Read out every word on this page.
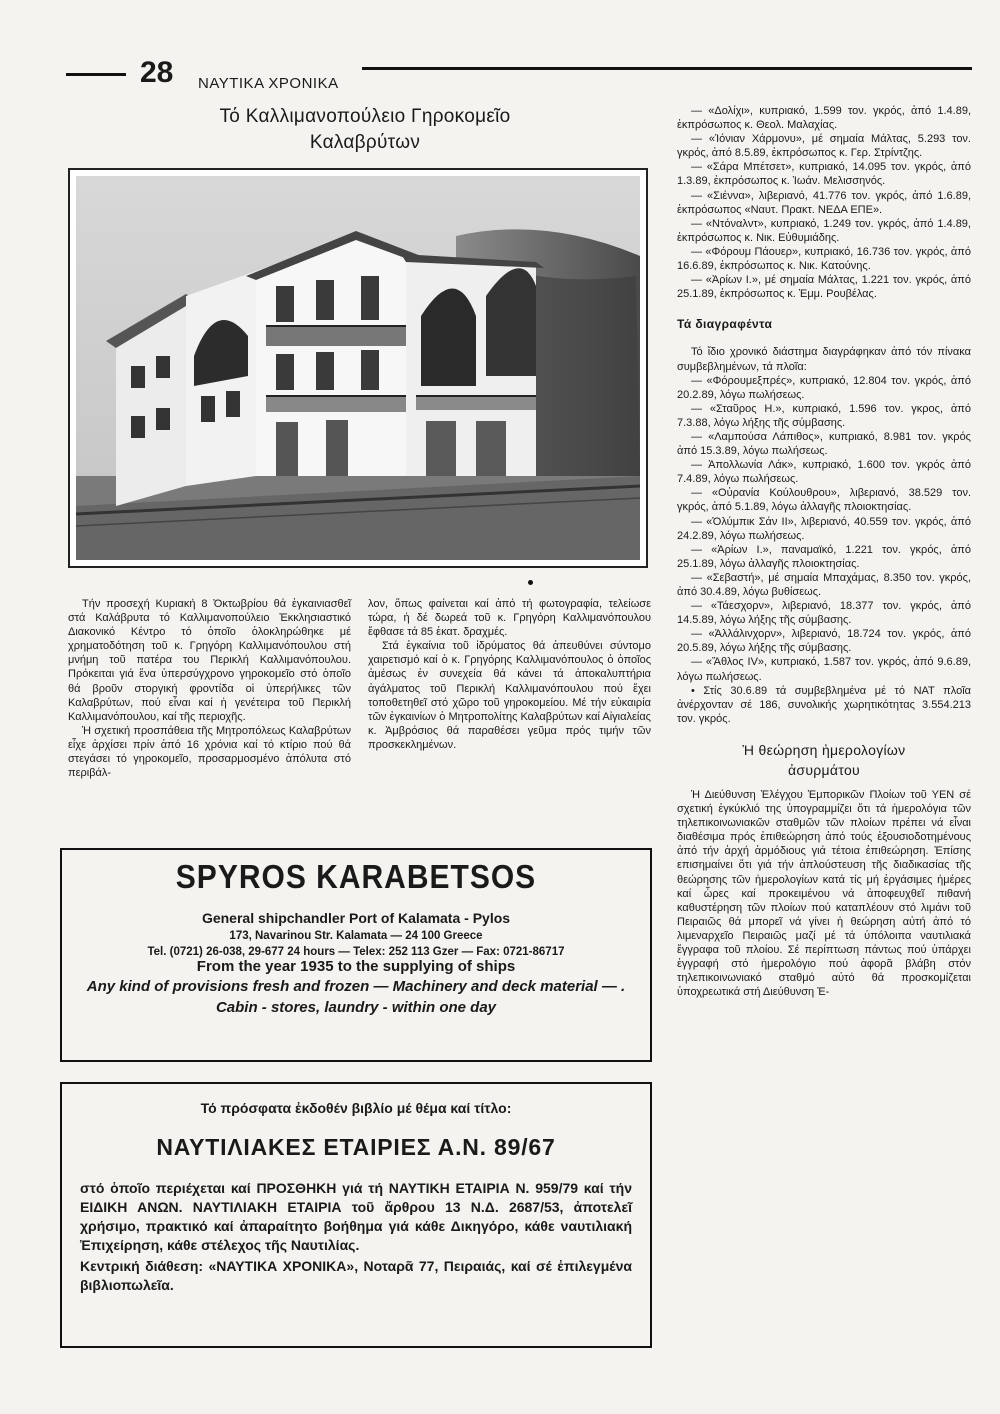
28 ΝΑΥΤΙΚΑ ΧΡΟΝΙΚΑ
Τό Καλλιμανοπούλειο Γηροκομεῖο
Καλαβρύτων

Τήν προσεχή Κυριακή 8 Ὀκτωβρίου θά ἐγκαινιασθεῖ στά Καλάβρυτα τό Καλλιμανοπούλειο Ἐκκλησιαστικό Διακονικό Κέντρο τό ὁποῖο ὁλοκληρώθηκε μέ χρηματοδότηση τοῦ κ. Γρηγόρη Καλλιμανόπουλου στή μνήμη τοῦ πατέρα του Περικλή Καλλιμανόπουλου. Πρόκειται γιά ἕνα ὑπερσύγχρονο γηροκομεῖο στό ὁποῖο θά βροῦν στοργική φροντίδα οἱ ὑπερήλικες τῶν Καλαβρύτων, πού εἶναι καί ἡ γενέτειρα τοῦ Περικλή Καλλιμανόπουλου, καί τῆς περιοχῆς.

Ἡ σχετική προσπάθεια τῆς Μητροπόλεως Καλαβρύτων εἶχε ἀρχίσει πρίν ἀπό 16 χρόνια καί τό κτίριο πού θά στεγάσει τό γηροκομεῖο, προσαρμοσμένο ἀπόλυτα στό περιβάλ-

λον, ὅπως φαίνεται καί ἀπό τή φωτογραφία, τελείωσε τώρα, ἡ δέ δωρεά τοῦ κ. Γρηγόρη Καλλιμανόπουλου ἔφθασε τά 85 ἑκατ. δραχμές.

Στά ἐγκαίνια τοῦ ἱδρύματος θά ἀπευθύνει σύντομο χαιρετισμό καί ὁ κ. Γρηγόρης Καλλιμανόπουλος ὁ ὁποῖος ἀμέσως ἐν συνεχεία θά κάνει τά ἀποκαλυπτήρια ἀγάλματος τοῦ Περικλή Καλλιμανόπουλου πού ἔχει τοποθετηθεῖ στό χῶρο τοῦ γηροκομείου. Μέ τήν εὐκαιρία τῶν ἐγκαινίων ὁ Μητροπολίτης Καλαβρύτων καί Αἰγιαλείας κ. Ἀμβρόσιος θά παραθέσει γεῦμα πρός τιμήν τῶν προσκεκλημένων.

— «Δολίχι», κυπριακό, 1.599 τον. γκρός, ἀπό 1.4.89, ἐκπρόσωπος κ. Θεολ. Μαλαχίας.

— «Ἰόνιαν Χάρμονυ», μέ σημαία Μάλτας, 5.293 τον. γκρός, ἀπό 8.5.89, ἐκπρόσωπος κ. Γερ. Στρίντζης.

— «Σάρα Μπέτσετ», κυπριακό, 14.095 τον. γκρός, ἀπό 1.3.89, ἐκπρόσωπος κ. Ἰωάν. Μελισσηνός.

— «Σιέννα», λιβεριανό, 41.776 τον. γκρός, ἀπό 1.6.89, ἐκπρόσωπος «Ναυτ. Πρακτ. ΝΕΔΑ ΕΠΕ».

— «Ντόναλντ», κυπριακό, 1.249 τον. γκρός, ἀπό 1.4.89, ἐκπρόσωπος κ. Νικ. Εὐθυμιάδης.

— «Φόρουμ Πάουερ», κυπριακό, 16.736 τον. γκρός, ἀπό 16.6.89, ἐκπρόσωπος κ. Νικ. Κατούνης.

— «Ἀρίων Ι.», μέ σημαία Μάλτας, 1.221 τον. γκρός, ἀπό 25.1.89, ἐκπρόσωπος κ. Ἐμμ. Ρουβέλας.

Τά διαγραφέντα

Τό ἴδιο χρονικό διάστημα διαγράφηκαν ἀπό τόν πίνακα συμβεβλημένων, τά πλοῖα:

— «Φόρουμεξπρές», κυπριακό, 12.804 τον. γκρός, ἀπό 20.2.89, λόγω πωλήσεως.

— «Σταῦρος Η.», κυπριακό, 1.596 τον. γκρος, ἀπό 7.3.88, λόγω λήξης τῆς σύμβασης.

— «Λαμπούσα Λάπιθος», κυπριακό, 8.981 τον. γκρός ἀπό 15.3.89, λόγω πωλήσεως.

— Ἀπολλωνία Λάκ», κυπριακό, 1.600 τον. γκρός ἀπό 7.4.89, λόγω πωλήσεως.

— «Οὐρανία Κούλουθρου», λιβεριανό, 38.529 τον. γκρός, ἀπό 5.1.89, λόγω ἀλλαγῆς πλοιοκτησίας.

— «Ὀλύμπικ Σάν ΙΙ», λιβεριανό, 40.559 τον. γκρός, ἀπό 24.2.89, λόγω πωλήσεως.

— «Ἀρίων Ι.», παναμαϊκό, 1.221 τον. γκρός, ἀπό 25.1.89, λόγω ἀλλαγῆς πλοιοκτησίας.

— «Σεβαστή», μέ σημαία Μπαχάμας, 8.350 τον. γκρός, ἀπό 30.4.89, λόγω βυθίσεως.

— «Τάεσχορν», λιβεριανό, 18.377 τον. γκρός, ἀπό 14.5.89, λόγω λήξης τῆς σύμβασης.

— «Ἀλλάλινχορν», λιβεριανό, 18.724 τον. γκρός, ἀπό 20.5.89, λόγω λήξης τῆς σύμβασης.

— «Ἄθλος IV», κυπριακό, 1.587 τον. γκρός, ἀπό 9.6.89, λόγω πωλήσεως.

• Στίς 30.6.89 τά συμβεβλημένα μέ τό ΝΑΤ πλοῖα ἀνέρχονταν σέ 186, συνολικής χωρητικότητας 3.554.213 τον. γκρός.

Ἡ θεώρηση ἡμερολογίων
ἀσυρμάτου

Ἡ Διεύθυνση Ἐλέγχου Ἐμπορικῶν Πλοίων τοῦ ΥΕΝ σέ σχετική ἐγκύκλιό της ὑπογραμμίζει ὅτι τά ἡμερολόγια τῶν τηλεπικοινωνιακῶν σταθμῶν τῶν πλοίων πρέπει νά εἶναι διαθέσιμα πρός ἐπιθεώρηση ἀπό τούς ἐξουσιοδοτημένους ἀπό τήν ἀρχή ἁρμόδιους γιά τέτοια ἐπιθεώρηση. Ἐπίσης επισημαίνει ὅτι γιά τήν ἀπλούστευση τῆς διαδικασίας τῆς θεώρησης τῶν ἡμερολογίων κατά τίς μή ἐργάσιμες ἡμέρες καί ὧρες καί προκειμένου νά ἀποφευχθεῖ πιθανή καθυστέρηση τῶν πλοίων πού καταπλέουν στό λιμάνι τοῦ Πειραιῶς θά μπορεῖ νά γίνει ἡ θεώρηση αὐτή ἀπό τό λιμεναρχεῖο Πειραιῶς μαζί μέ τά ὑπόλοιπα ναυτιλιακά ἔγγραφα τοῦ πλοίου. Σέ περίπτωση πάντως πού ὑπάρχει ἐγγραφή στό ἡμερολόγιο πού ἀφορᾶ βλάβη στόν τηλεπικοινωνιακό σταθμό αὐτό θά προσκομίζεται ὑποχρεωτικά στή Διεύθυνση Ἐ-

SPYROS KARABETSOS
General shipchandler Port of Kalamata - Pylos
173, Navarinou Str. Kalamata — 24 100 Greece
Tel. (0721) 26-038, 29-677 24 hours — Telex: 252 113 Gzer — Fax: 0721-86717
From the year 1935 to the supplying of ships
Any kind of provisions fresh and frozen — Machinery and deck material — .
Cabin - stores, laundry - within one day
Τό πρόσφατα ἐκδοθέν βιβλίο μέ θέμα καί τίτλο:
ΝΑΥΤΙΛΙΑΚΕΣ ΕΤΑΙΡΙΕΣ Α.Ν. 89/67
στό ὁποῖο περιέχεται καί ΠΡΟΣΘΗΚΗ γιά τή ΝΑΥΤΙΚΗ ΕΤΑΙΡΙΑ Ν. 959/79 καί τήν ΕΙΔΙΚΗ ΑΝΩΝ. ΝΑΥΤΙΛΙΑΚΗ ΕΤΑΙΡΙΑ τοῦ ἄρθρου 13 Ν.Δ. 2687/53, ἀποτελεῖ χρήσιμο, πρακτικό καί ἀπαραίτητο βοήθημα γιά κάθε Δικηγόρο, κάθε ναυτιλιακή Ἐπιχείρηση, κάθε στέλεχος τῆς Ναυτιλίας.
Κεντρική διάθεση: «ΝΑΥΤΙΚΑ ΧΡΟΝΙΚΑ», Νοταρᾶ 77, Πειραιάς, καί σέ ἐπιλεγμένα βιβλιοπωλεῖα.
